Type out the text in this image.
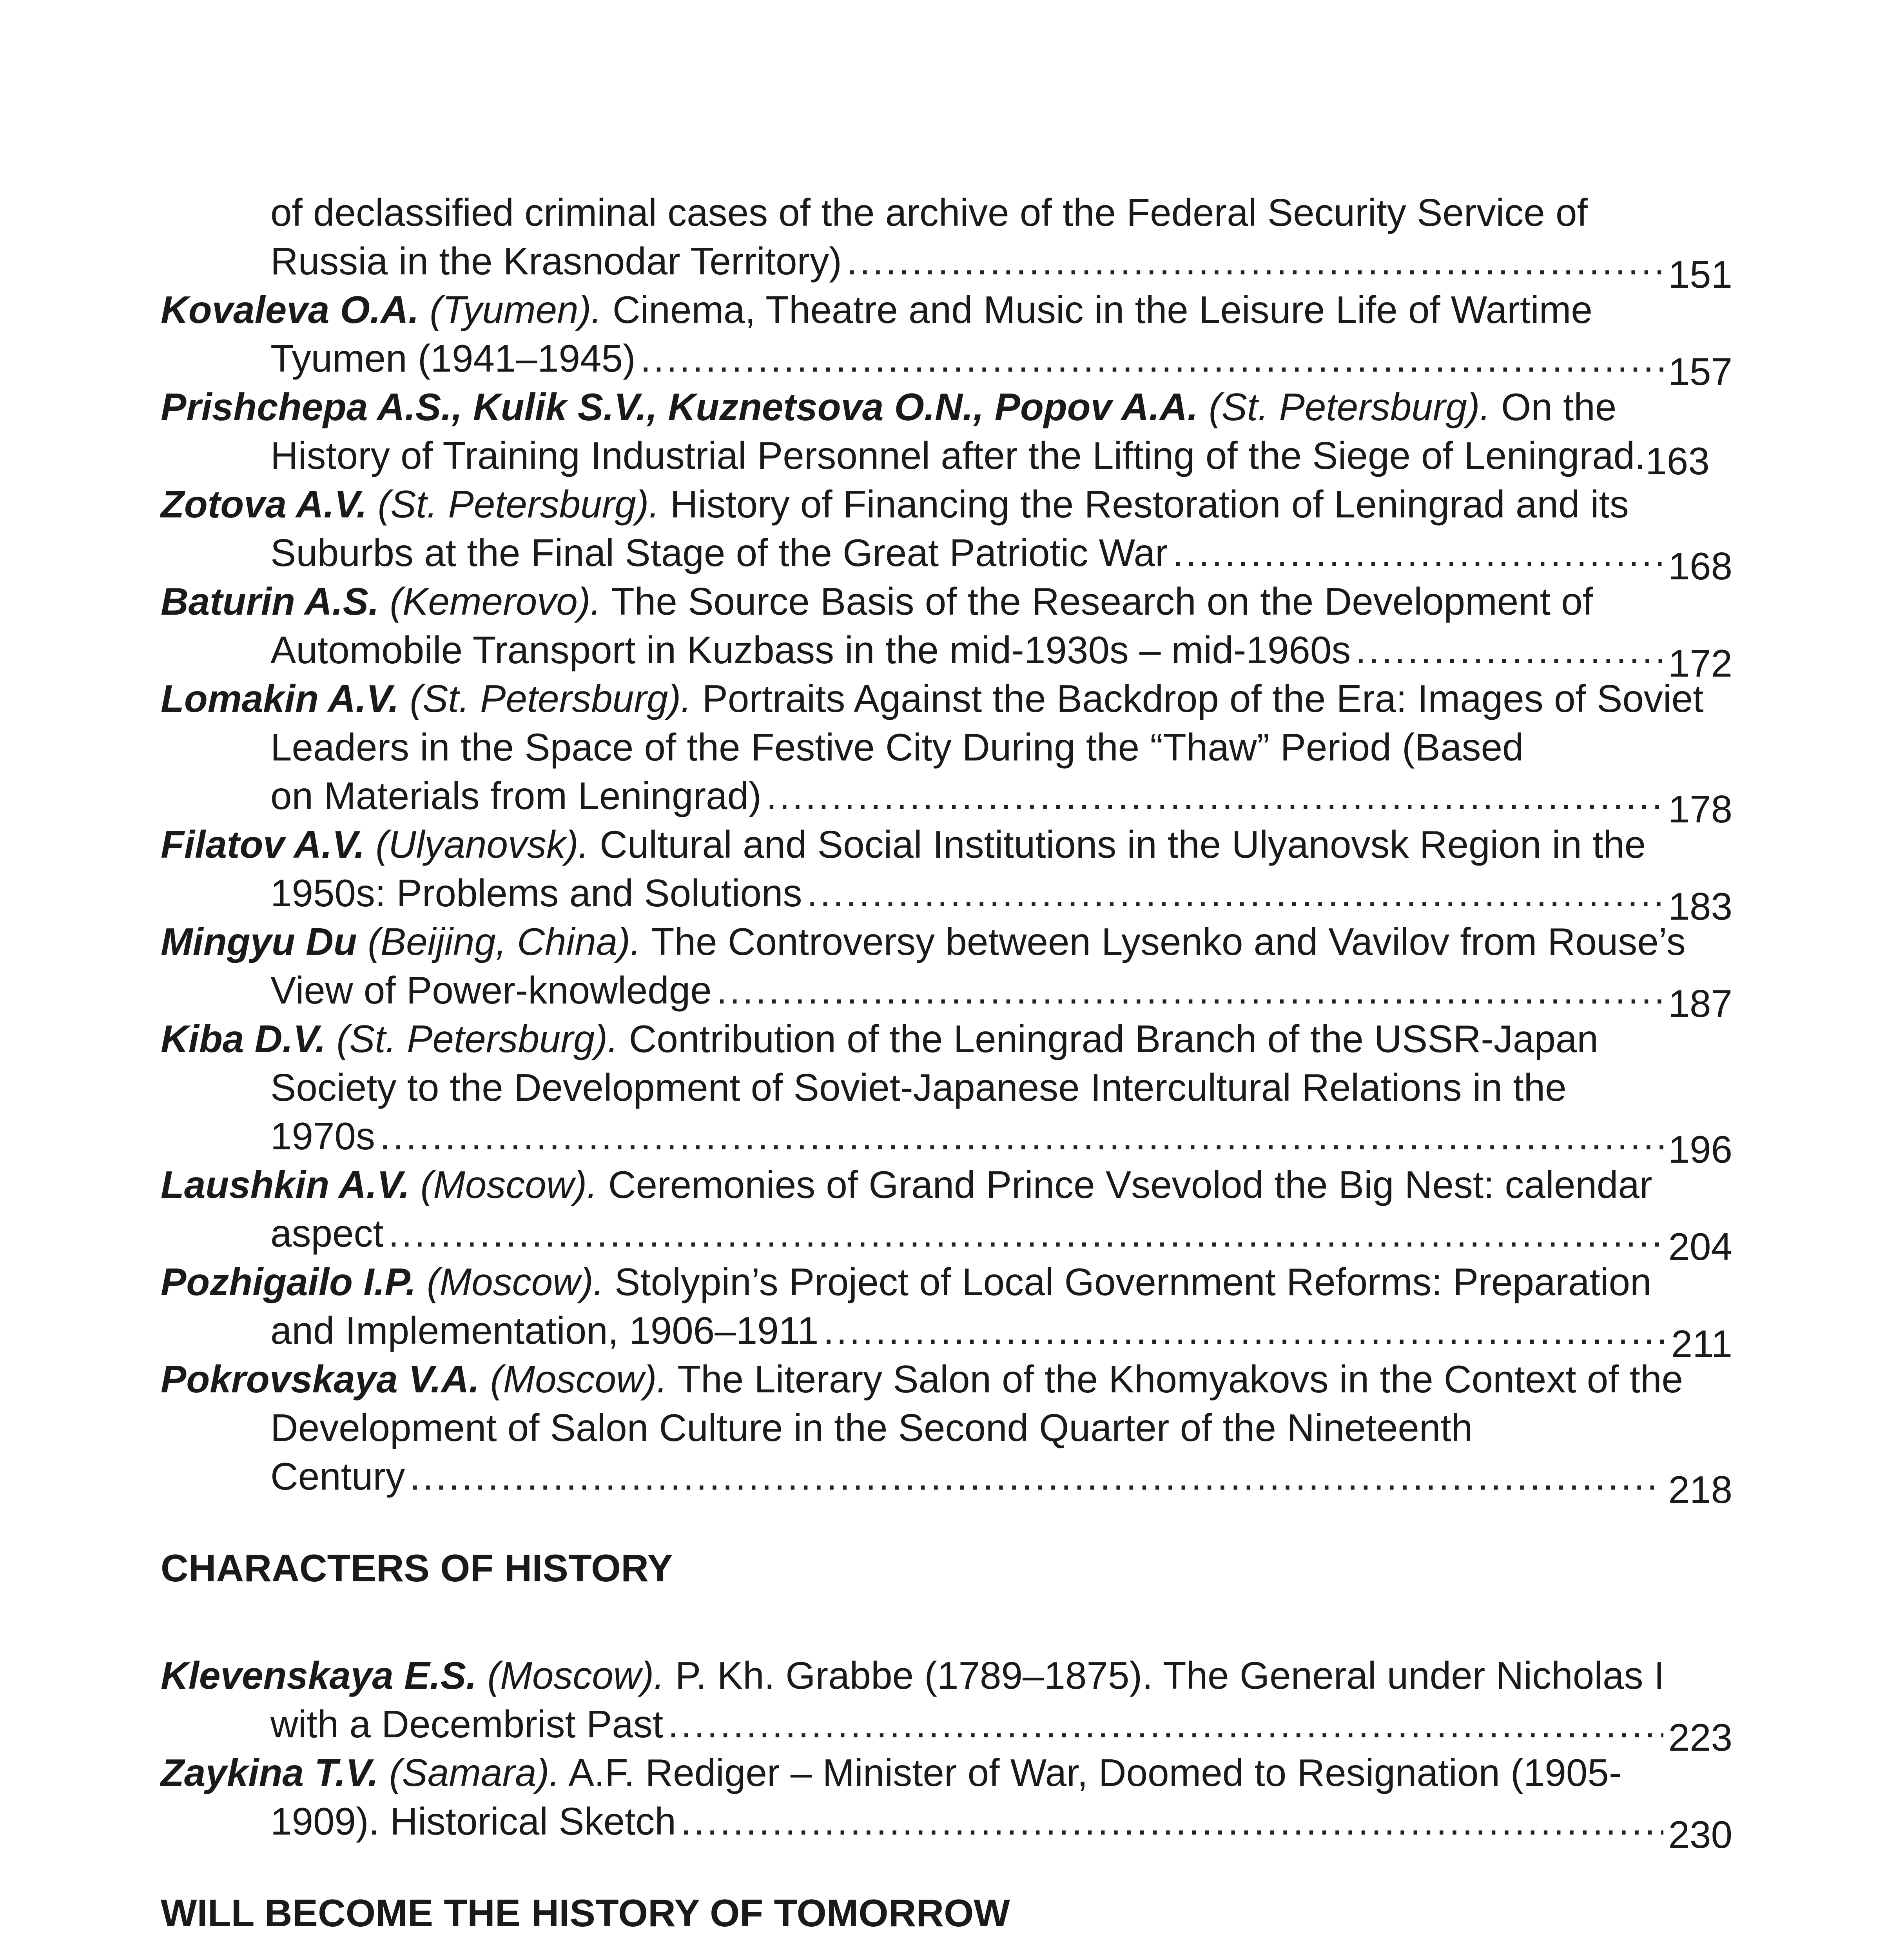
of declassified criminal cases of the archive of the Federal Security Service of
Russia in the Krasnodar Territory) .....	151
Kovaleva O.A. (Tyumen). Cinema, Theatre and Music in the Leisure Life of Wartime
Tyumen (1941–1945) .....	157
Prishchepa A.S., Kulik S.V., Kuznetsova O.N., Popov A.A. (St. Petersburg). On the
History of Training Industrial Personnel after the Lifting of the Siege of Leningrad. 163
Zotova A.V. (St. Petersburg). History of Financing the Restoration of Leningrad and its
Suburbs at the Final Stage of the Great Patriotic War .....	168
Baturin A.S. (Kemerovo). The Source Basis of the Research on the Development of
Automobile Transport in Kuzbass in the mid-1930s – mid-1960s .....	172
Lomakin A.V. (St. Petersburg). Portraits Against the Backdrop of the Era: Images of Soviet Leaders in the Space of the Festive City During the “Thaw” Period (Based
on Materials from Leningrad) .....	178
Filatov A.V. (Ulyanovsk). Cultural and Social Institutions in the Ulyanovsk Region in the
1950s: Problems and Solutions .....	183
Mingyu Du (Beijing, China). The Controversy between Lysenko and Vavilov from Rouse’s
View of Power-knowledge .....	187
Kiba D.V. (St. Petersburg). Contribution of the Leningrad Branch of the USSR-Japan Society to the Development of Soviet-Japanese Intercultural Relations in the
1970s .....	196
Laushkin A.V. (Moscow). Ceremonies of Grand Prince Vsevolod the Big Nest: calendar
aspect .....	204
Pozhigailo I.P. (Moscow). Stolypin’s Project of Local Government Reforms: Preparation
and Implementation, 1906–1911 .....	211
Pokrovskaya V.A. (Moscow). The Literary Salon of the Khomyakovs in the Context of the Development of Salon Culture in the Second Quarter of the Nineteenth
Century .....	218
CHARACTERS OF HISTORY
Klevenskaya E.S. (Moscow). P. Kh. Grabbe (1789–1875). The General under Nicholas I
with a Decembrist Past .....	223
Zaykina T.V. (Samara). A.F. Rediger – Minister of War, Doomed to Resignation (1905-
1909). Historical Sketch .....	230
WILL BECOME THE HISTORY OF TOMORROW
